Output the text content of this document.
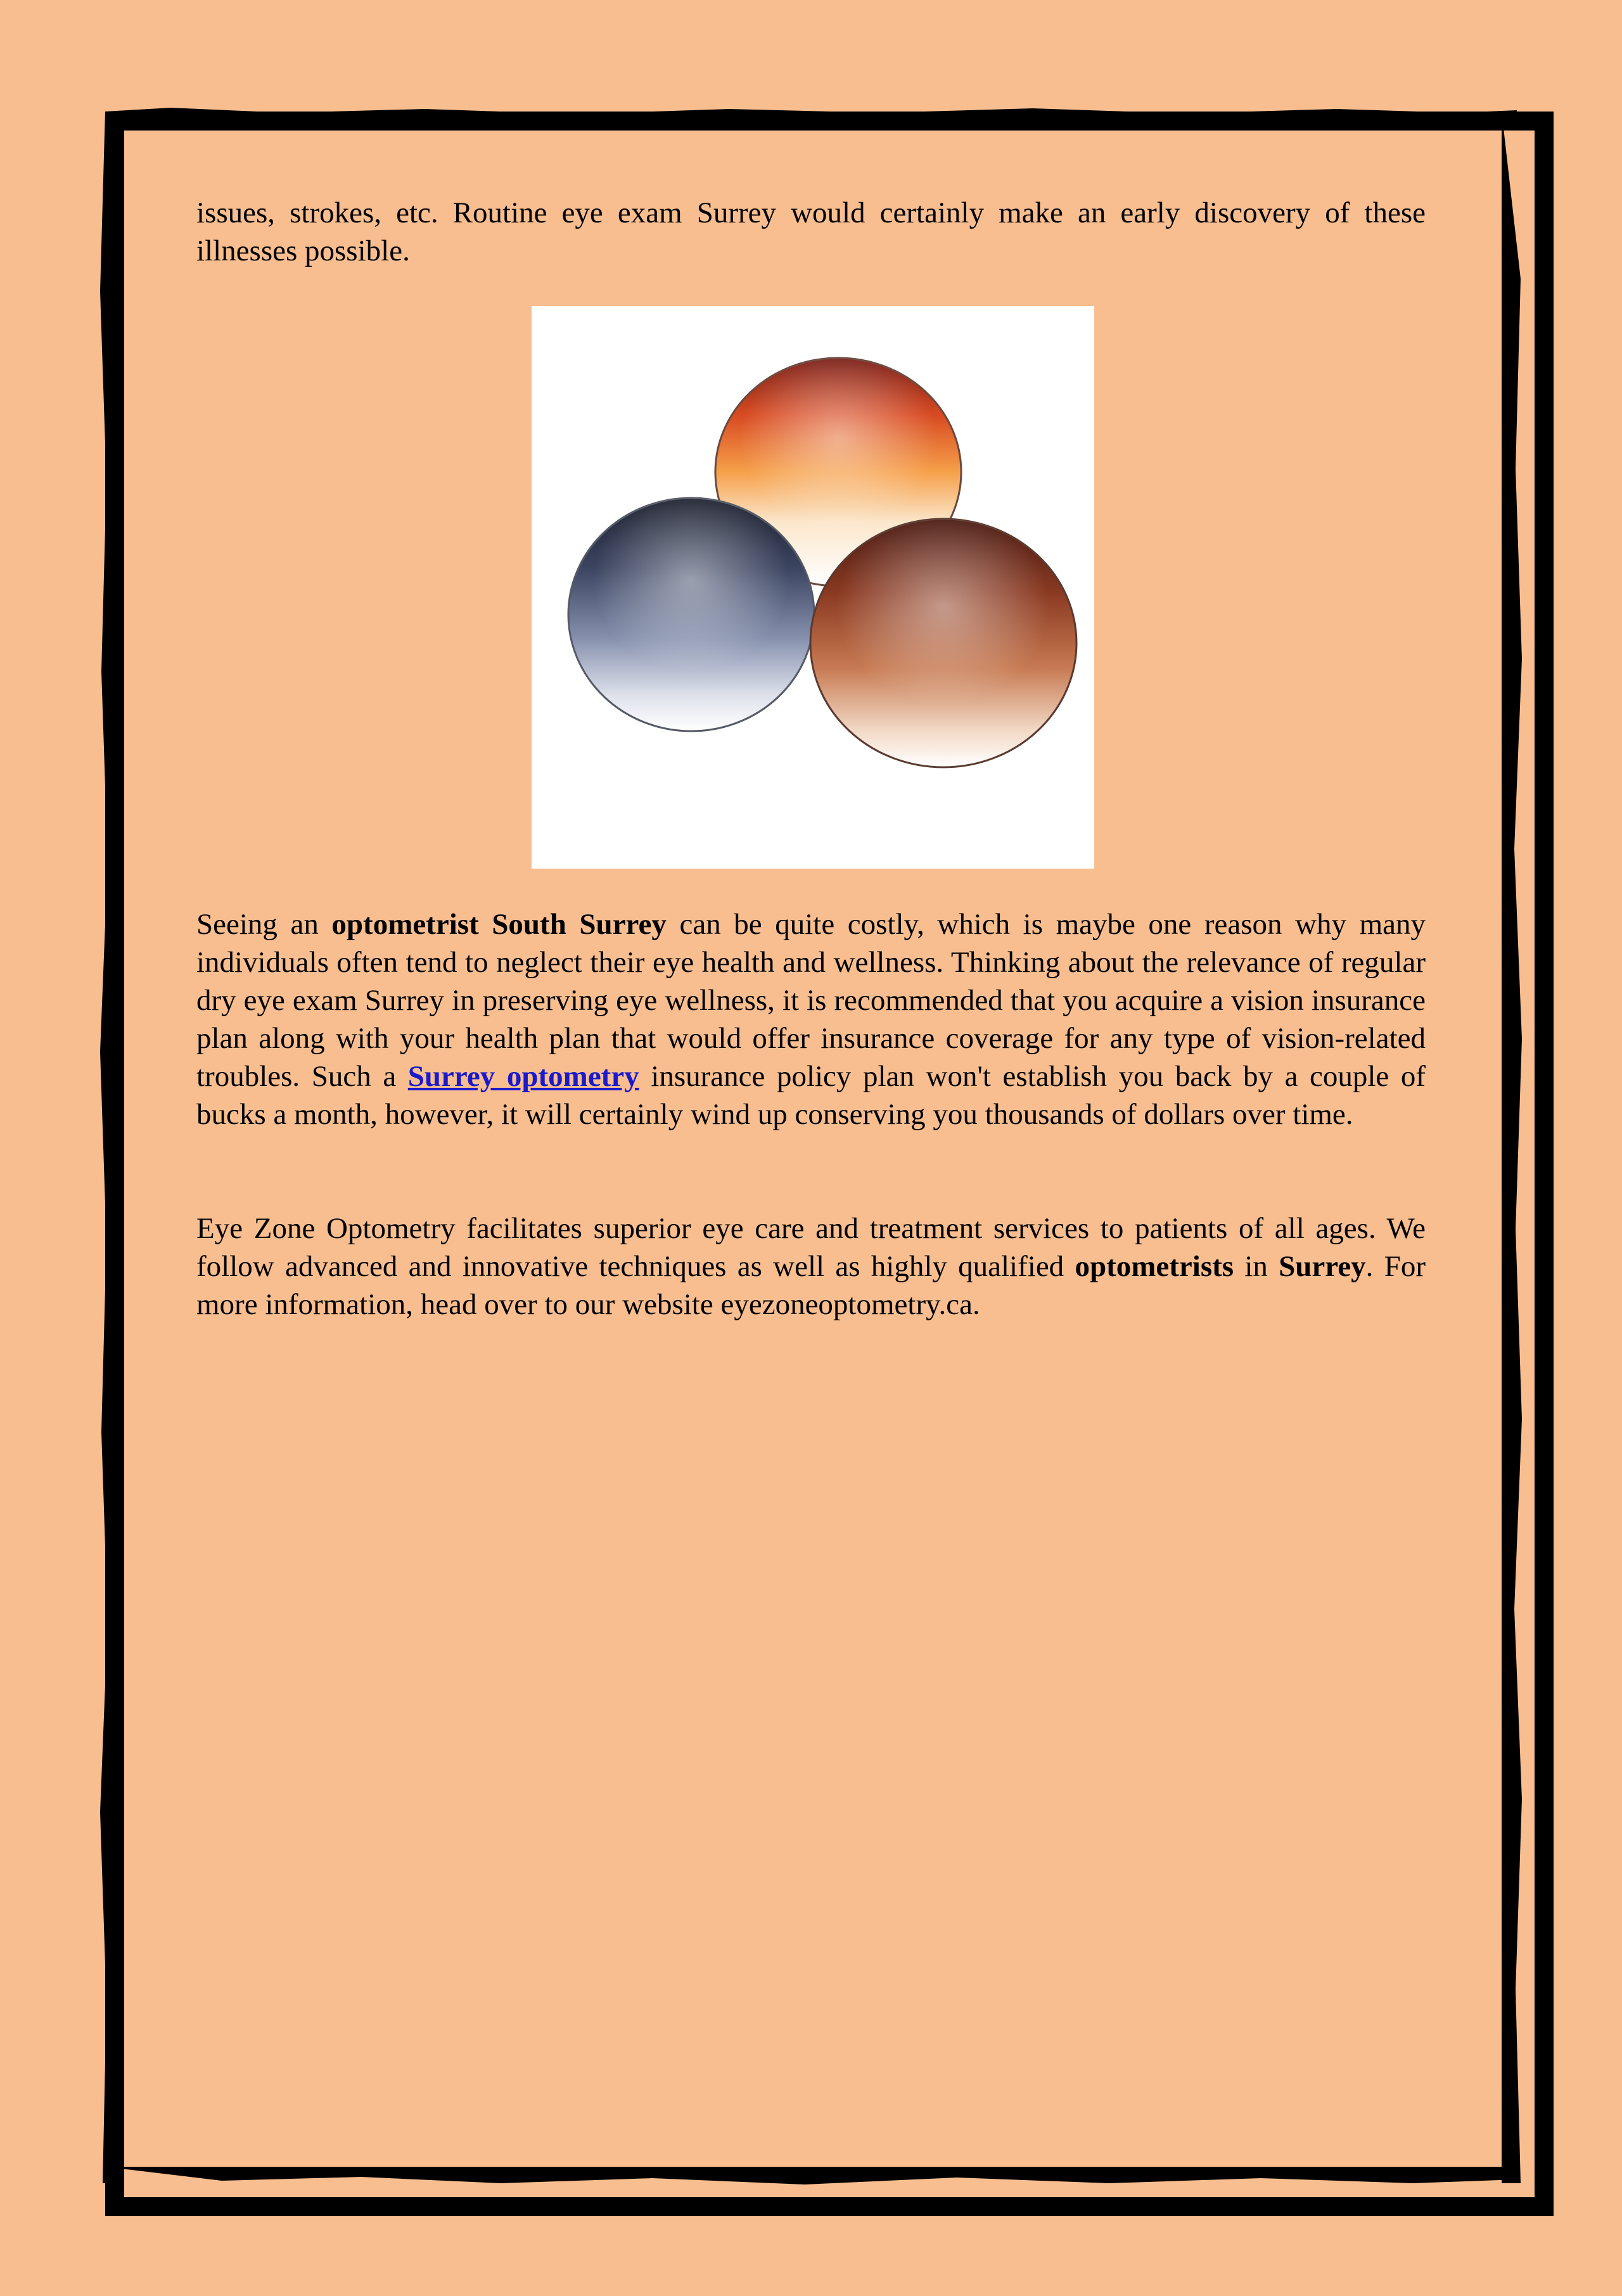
issues, strokes, etc. Routine eye exam Surrey would certainly make an early discovery of these illnesses possible.

Seeing an optometrist South Surrey can be quite costly, which is maybe one reason why many individuals often tend to neglect their eye health and wellness. Thinking about the relevance of regular dry eye exam Surrey in preserving eye wellness, it is recommended that you acquire a vision insurance plan along with your health plan that would offer insurance coverage for any type of vision-related troubles. Such a Surrey optometry insurance policy plan won't establish you back by a couple of bucks a month, however, it will certainly wind up conserving you thousands of dollars over time.

Eye Zone Optometry facilitates superior eye care and treatment services to patients of all ages. We follow advanced and innovative techniques as well as highly qualified optometrists in Surrey. For more information, head over to our website eyezoneoptometry.ca.
